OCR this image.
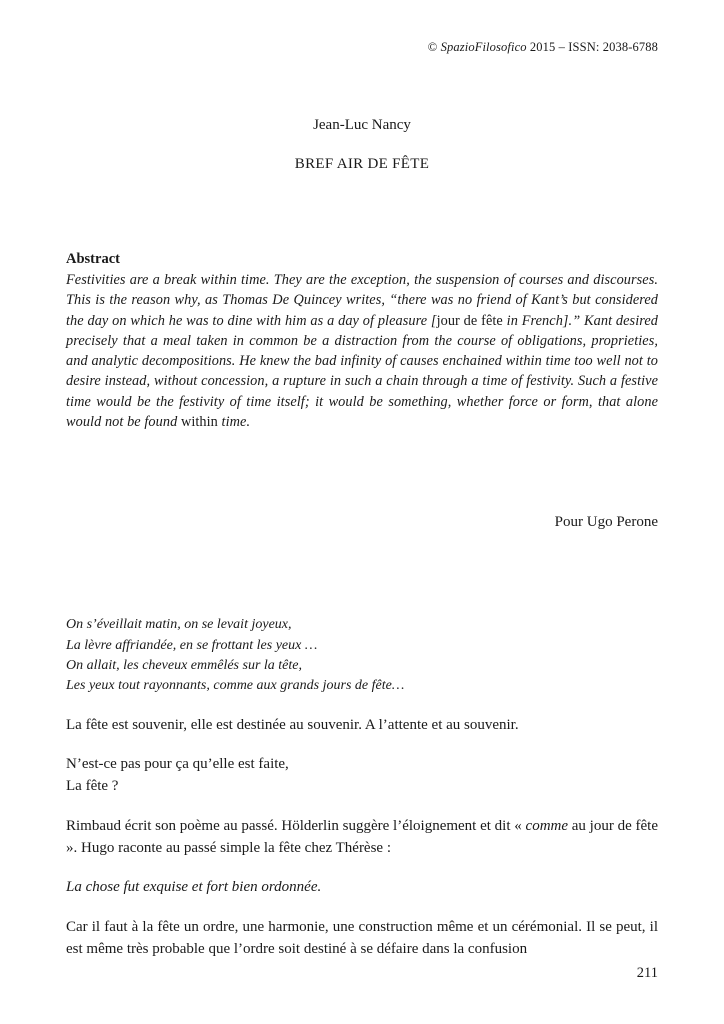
© SpazioFilosofico 2015 – ISSN: 2038-6788
Jean-Luc Nancy
BREF AIR DE FÊTE
Abstract
Festivities are a break within time. They are the exception, the suspension of courses and discourses. This is the reason why, as Thomas De Quincey writes, “there was no friend of Kant’s but considered the day on which he was to dine with him as a day of pleasure [jour de fête in French].” Kant desired precisely that a meal taken in common be a distraction from the course of obligations, proprieties, and analytic decompositions. He knew the bad infinity of causes enchained within time too well not to desire instead, without concession, a rupture in such a chain through a time of festivity. Such a festive time would be the festivity of time itself; it would be something, whether force or form, that alone would not be found within time.
Pour Ugo Perone
On s’éveillait matin, on se levait joyeux,
La lèvre affriandée, en se frottant les yeux …
On allait, les cheveux emmêlés sur la tête,
Les yeux tout rayonnants, comme aux grands jours de fête…
La fête est souvenir, elle est destinée au souvenir. A l’attente et au souvenir.
N’est-ce pas pour ça qu’elle est faite,
La fête ?
Rimbaud écrit son poème au passé. Hölderlin suggère l’éloignement et dit « comme au jour de fête ». Hugo raconte au passé simple la fête chez Thérèse :
La chose fut exquise et fort bien ordonnée.
Car il faut à la fête un ordre, une harmonie, une construction même et un cérémonial. Il se peut, il est même très probable que l’ordre soit destiné à se défaire dans la confusion
211
